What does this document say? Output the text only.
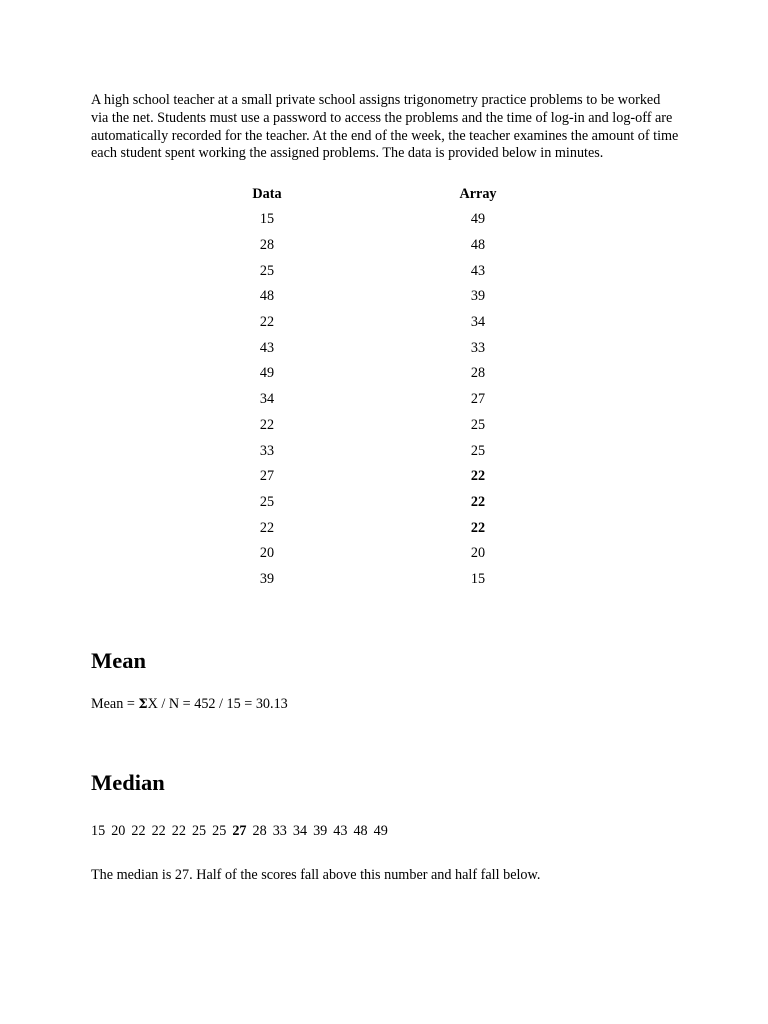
A high school teacher at a small private school assigns trigonometry practice problems to be worked via the net. Students must use a password to access the problems and the time of log-in and log-off are automatically recorded for the teacher. At the end of the week, the teacher examines the amount of time each student spent working the assigned problems. The data is provided below in minutes.

Data		Array
15		49
28		48
25		43
48		39
22		34
43		33
49		28
34		27
22		25
33		25
27		22
25		22
22		22
20		20
39		15
Mean

Mean = ΣX / N = 452 / 15 = 30.13

Median

15 20 22 22 22 25 25 27 28 33 34 39 43 48 49

The median is 27. Half of the scores fall above this number and half fall below.
